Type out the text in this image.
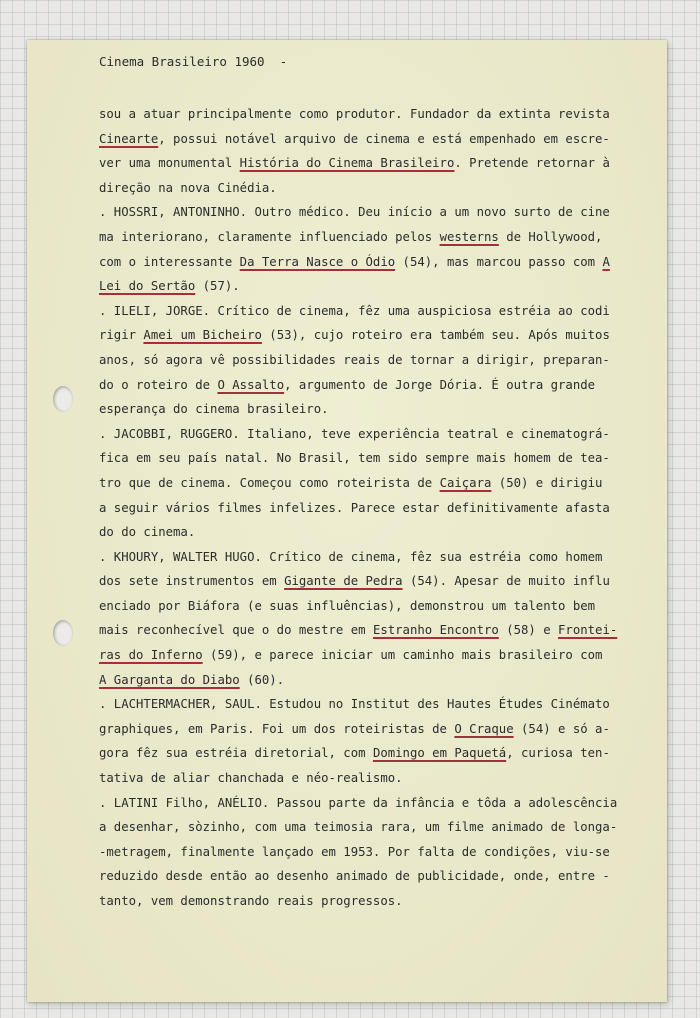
Cinema Brasileiro 1960  -
sou a atuar principalmente como produtor. Fundador da extinta revista
Cinearte, possui notável arquivo de cinema e está empenhado em escre-
ver uma monumental História do Cinema Brasileiro. Pretende retornar à
direção na nova Cinédia.
. HOSSRI, ANTONINHO. Outro médico. Deu início a um novo surto de cine
ma interiorano, claramente influenciado pelos westerns de Hollywood,
com o interessante Da Terra Nasce o Ódio (54), mas marcou passo com A
Lei do Sertão (57).
. ILELI, JORGE. Crítico de cinema, fêz uma auspiciosa estréia ao codi
rigir Amei um Bicheiro (53), cujo roteiro era também seu. Após muitos
anos, só agora vê possibilidades reais de tornar a dirigir, preparan-
do o roteiro de O Assalto, argumento de Jorge Dória. É outra grande
esperança do cinema brasileiro.
. JACOBBI, RUGGERO. Italiano, teve experiência teatral e cinematográ-
fica em seu país natal. No Brasil, tem sido sempre mais homem de tea-
tro que de cinema. Começou como roteirista de Caiçara (50) e dirigiu
a seguir vários filmes infelizes. Parece estar definitivamente afasta
do do cinema.
. KHOURY, WALTER HUGO. Crítico de cinema, fêz sua estréia como homem
dos sete instrumentos em Gigante de Pedra (54). Apesar de muito influ
enciado por Biáfora (e suas influências), demonstrou um talento bem
mais reconhecível que o do mestre em Estranho Encontro (58) e Frontei-
ras do Inferno (59), e parece iniciar um caminho mais brasileiro com
A Garganta do Diabo (60).
. LACHTERMACHER, SAUL. Estudou no Institut des Hautes Études Cinémato
graphiques, em Paris. Foi um dos roteiristas de O Craque (54) e só a-
gora fêz sua estréia diretorial, com Domingo em Paquetá, curiosa ten-
tativa de aliar chanchada e néo-realismo.
. LATINI Filho, ANÉLIO. Passou parte da infância e tôda a adolescência
a desenhar, sòzinho, com uma teimosia rara, um filme animado de longa-
-metragem, finalmente lançado em 1953. Por falta de condições, viu-se
reduzido desde então ao desenho animado de publicidade, onde, entre -
tanto, vem demonstrando reais progressos.
